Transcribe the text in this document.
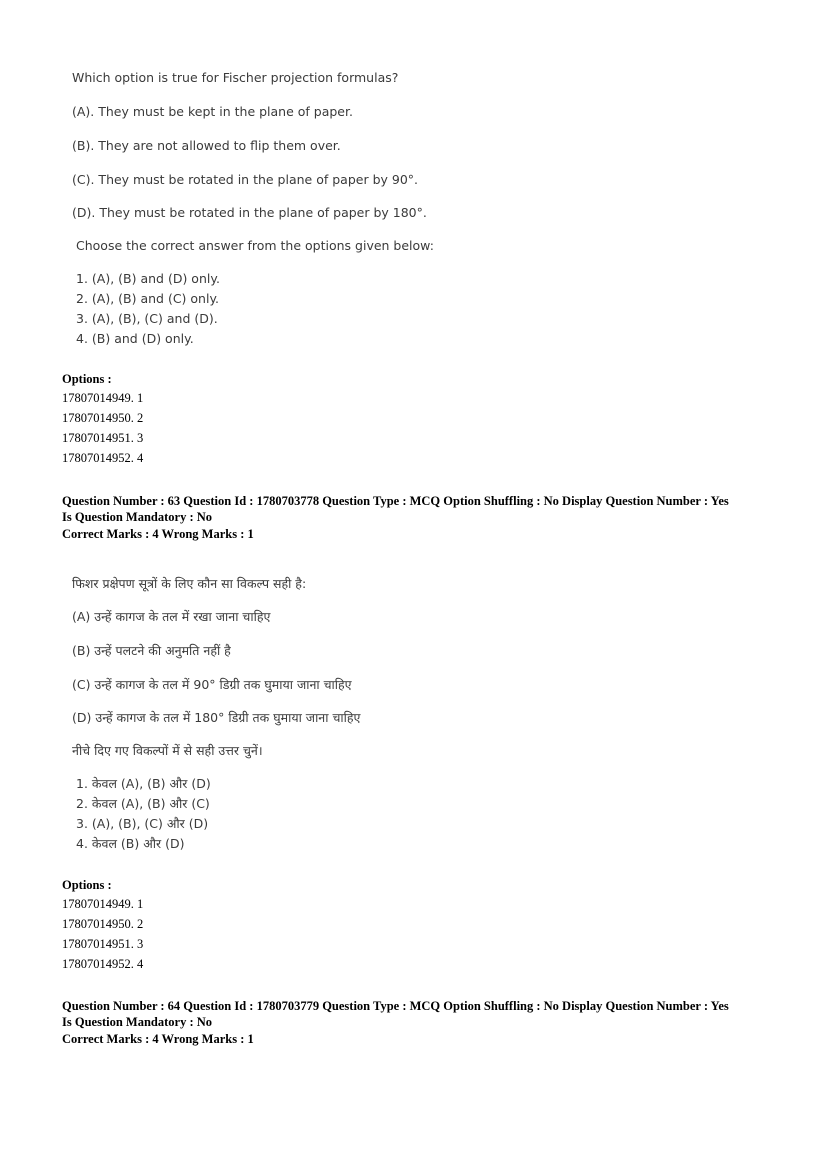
Which option is true for Fischer projection formulas?
(A). They must be kept in the plane of paper.
(B). They are not allowed to flip them over.
(C). They must be rotated in the plane of paper by 90°.
(D). They must be rotated in the plane of paper by 180°.
Choose the correct answer from the options given below:
1. (A), (B) and (D) only.
2. (A), (B) and (C) only.
3. (A), (B), (C) and (D).
4. (B) and (D) only.
Options :
17807014949. 1
17807014950. 2
17807014951. 3
17807014952. 4
Question Number : 63 Question Id : 1780703778 Question Type : MCQ Option Shuffling : No Display Question Number : Yes
Is Question Mandatory : No
Correct Marks : 4 Wrong Marks : 1
फिशर प्रक्षेपण सूत्रों के लिए कौन सा विकल्प सही है:
(A) उन्हें कागज के तल में रखा जाना चाहिए
(B) उन्हें पलटने की अनुमति नहीं है
(C) उन्हें कागज के तल में 90° डिग्री तक घुमाया जाना चाहिए
(D) उन्हें कागज के तल में 180° डिग्री तक घुमाया जाना चाहिए
नीचे दिए गए विकल्पों में से सही उत्तर चुनें।
1. केवल (A), (B) और (D)
2. केवल (A), (B) और (C)
3. (A), (B), (C) और (D)
4. केवल (B) और (D)
Options :
17807014949. 1
17807014950. 2
17807014951. 3
17807014952. 4
Question Number : 64 Question Id : 1780703779 Question Type : MCQ Option Shuffling : No Display Question Number : Yes
Is Question Mandatory : No
Correct Marks : 4 Wrong Marks : 1
